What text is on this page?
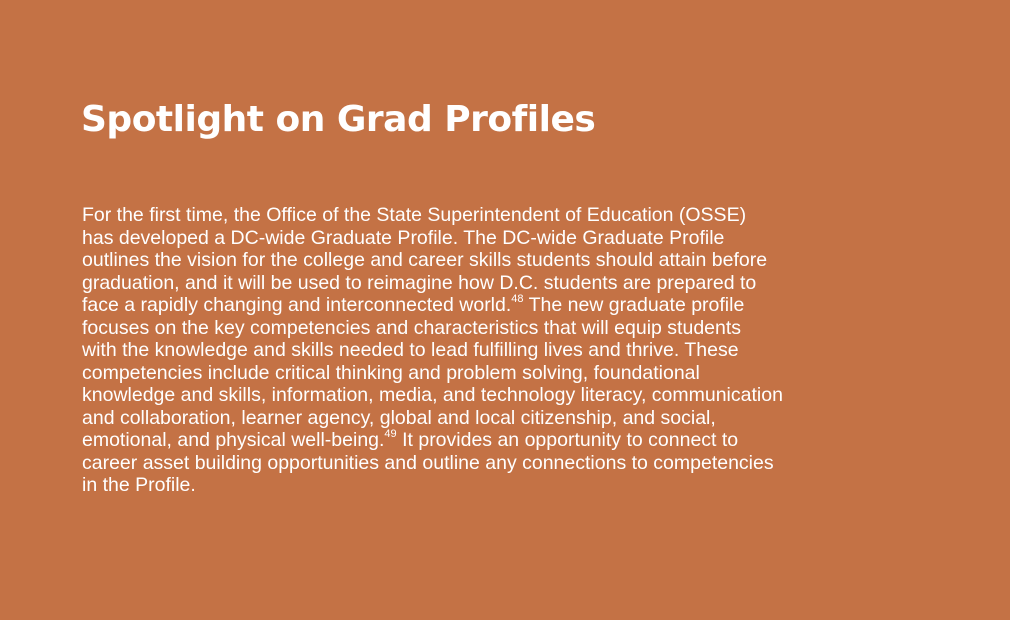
Spotlight on Grad Profiles

For the first time, the Office of the State Superintendent of Education (OSSE)
has developed a DC-wide Graduate Profile. The DC-wide Graduate Profile
outlines the vision for the college and career skills students should attain before
graduation, and it will be used to reimagine how D.C. students are prepared to
face a rapidly changing and interconnected world.$^{48}$ The new graduate profile
focuses on the key competencies and characteristics that will equip students
with the knowledge and skills needed to lead fulfilling lives and thrive. These
competencies include critical thinking and problem solving, foundational
knowledge and skills, information, media, and technology literacy, communication
and collaboration, learner agency, global and local citizenship, and social,
emotional, and physical well-being.$^{49}$ It provides an opportunity to connect to
career asset building opportunities and outline any connections to competencies
in the Profile.
